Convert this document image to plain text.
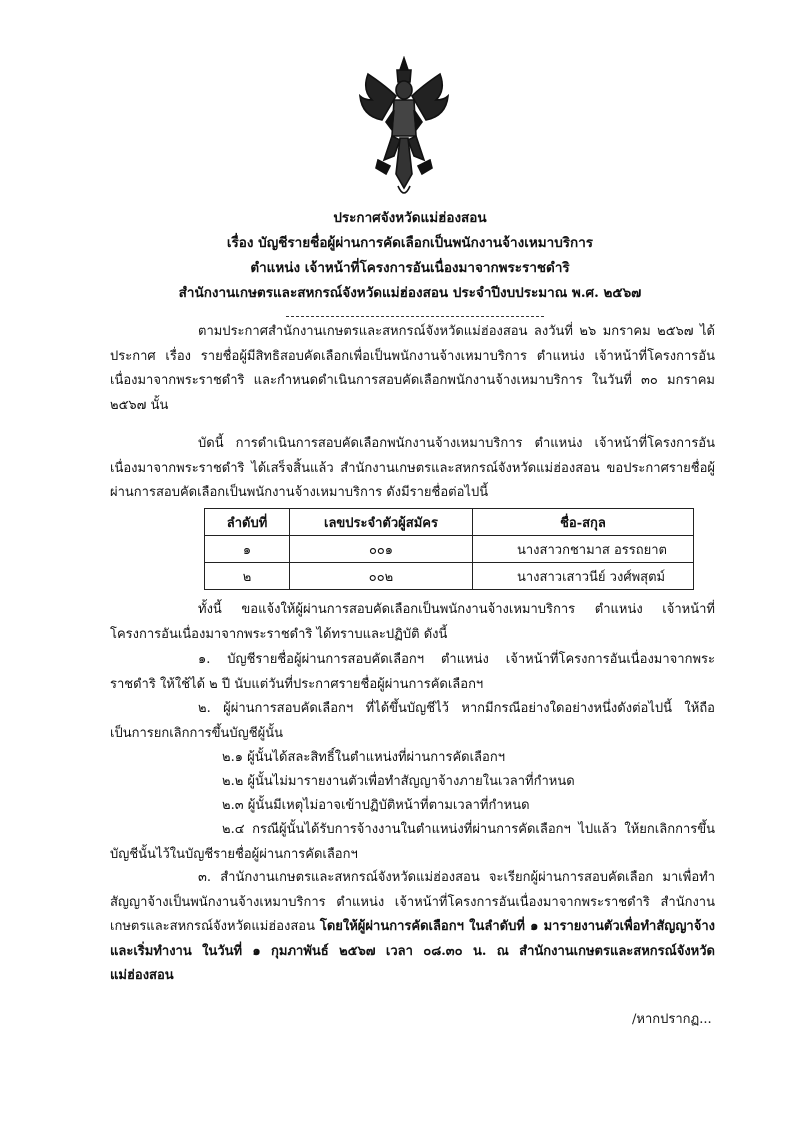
ประกาศจังหวัดแม่ฮ่องสอน
เรื่อง บัญชีรายชื่อผู้ผ่านการคัดเลือกเป็นพนักงานจ้างเหมาบริการ
ตำแหน่ง เจ้าหน้าที่โครงการอันเนื่องมาจากพระราชดำริ
สำนักงานเกษตรและสหกรณ์จังหวัดแม่ฮ่องสอน ประจำปีงบประมาณ พ.ศ. ๒๕๖๗

ตามประกาศสำนักงานเกษตรและสหกรณ์จังหวัดแม่ฮ่องสอน ลงวันที่ ๒๖ มกราคม ๒๕๖๗ ได้ประกาศ เรื่อง รายชื่อผู้มีสิทธิสอบคัดเลือกเพื่อเป็นพนักงานจ้างเหมาบริการ ตำแหน่ง เจ้าหน้าที่โครงการอันเนื่องมาจากพระราชดำริ และกำหนดดำเนินการสอบคัดเลือกพนักงานจ้างเหมาบริการ ในวันที่ ๓๐ มกราคม ๒๕๖๗ นั้น

บัดนี้ การดำเนินการสอบคัดเลือกพนักงานจ้างเหมาบริการ ตำแหน่ง เจ้าหน้าที่โครงการอันเนื่องมาจากพระราชดำริ ได้เสร็จสิ้นแล้ว สำนักงานเกษตรและสหกรณ์จังหวัดแม่ฮ่องสอน ขอประกาศรายชื่อผู้ผ่านการสอบคัดเลือกเป็นพนักงานจ้างเหมาบริการ ดังมีรายชื่อต่อไปนี้

ลำดับที่	เลขประจำตัวผู้สมัคร	ชื่อ-สกุล
๑	๐๐๑	นางสาวกชามาส อรรถยาต
๒	๐๐๒	นางสาวเสาวนีย์ วงศ์พสุตม์

ทั้งนี้ ขอแจ้งให้ผู้ผ่านการสอบคัดเลือกเป็นพนักงานจ้างเหมาบริการ ตำแหน่ง เจ้าหน้าที่โครงการอันเนื่องมาจากพระราชดำริ ได้ทราบและปฏิบัติ ดังนี้

๑. บัญชีรายชื่อผู้ผ่านการสอบคัดเลือกฯ ตำแหน่ง เจ้าหน้าที่โครงการอันเนื่องมาจากพระราชดำริ ให้ใช้ได้ ๒ ปี นับแต่วันที่ประกาศรายชื่อผู้ผ่านการคัดเลือกฯ

๒. ผู้ผ่านการสอบคัดเลือกฯ ที่ได้ขึ้นบัญชีไว้ หากมีกรณีอย่างใดอย่างหนึ่งดังต่อไปนี้ ให้ถือเป็นการยกเลิกการขึ้นบัญชีผู้นั้น

๒.๑ ผู้นั้นได้สละสิทธิ์ในตำแหน่งที่ผ่านการคัดเลือกฯ

๒.๒ ผู้นั้นไม่มารายงานตัวเพื่อทำสัญญาจ้างภายในเวลาที่กำหนด

๒.๓ ผู้นั้นมีเหตุไม่อาจเข้าปฏิบัติหน้าที่ตามเวลาที่กำหนด

๒.๔ กรณีผู้นั้นได้รับการจ้างงานในตำแหน่งที่ผ่านการคัดเลือกฯ ไปแล้ว ให้ยกเลิกการขึ้นบัญชีนั้นไว้ในบัญชีรายชื่อผู้ผ่านการคัดเลือกฯ

๓. สำนักงานเกษตรและสหกรณ์จังหวัดแม่ฮ่องสอน จะเรียกผู้ผ่านการสอบคัดเลือก มาเพื่อทำสัญญาจ้างเป็นพนักงานจ้างเหมาบริการ ตำแหน่ง เจ้าหน้าที่โครงการอันเนื่องมาจากพระราชดำริ สำนักงานเกษตรและสหกรณ์จังหวัดแม่ฮ่องสอน โดยให้ผู้ผ่านการคัดเลือกฯ ในลำดับที่ ๑ มารายงานตัวเพื่อทำสัญญาจ้างและเริ่มทำงาน ในวันที่ ๑ กุมภาพันธ์ ๒๕๖๗ เวลา ๐๘.๓๐ น. ณ สำนักงานเกษตรและสหกรณ์จังหวัดแม่ฮ่องสอน

/หากปรากฏ...
